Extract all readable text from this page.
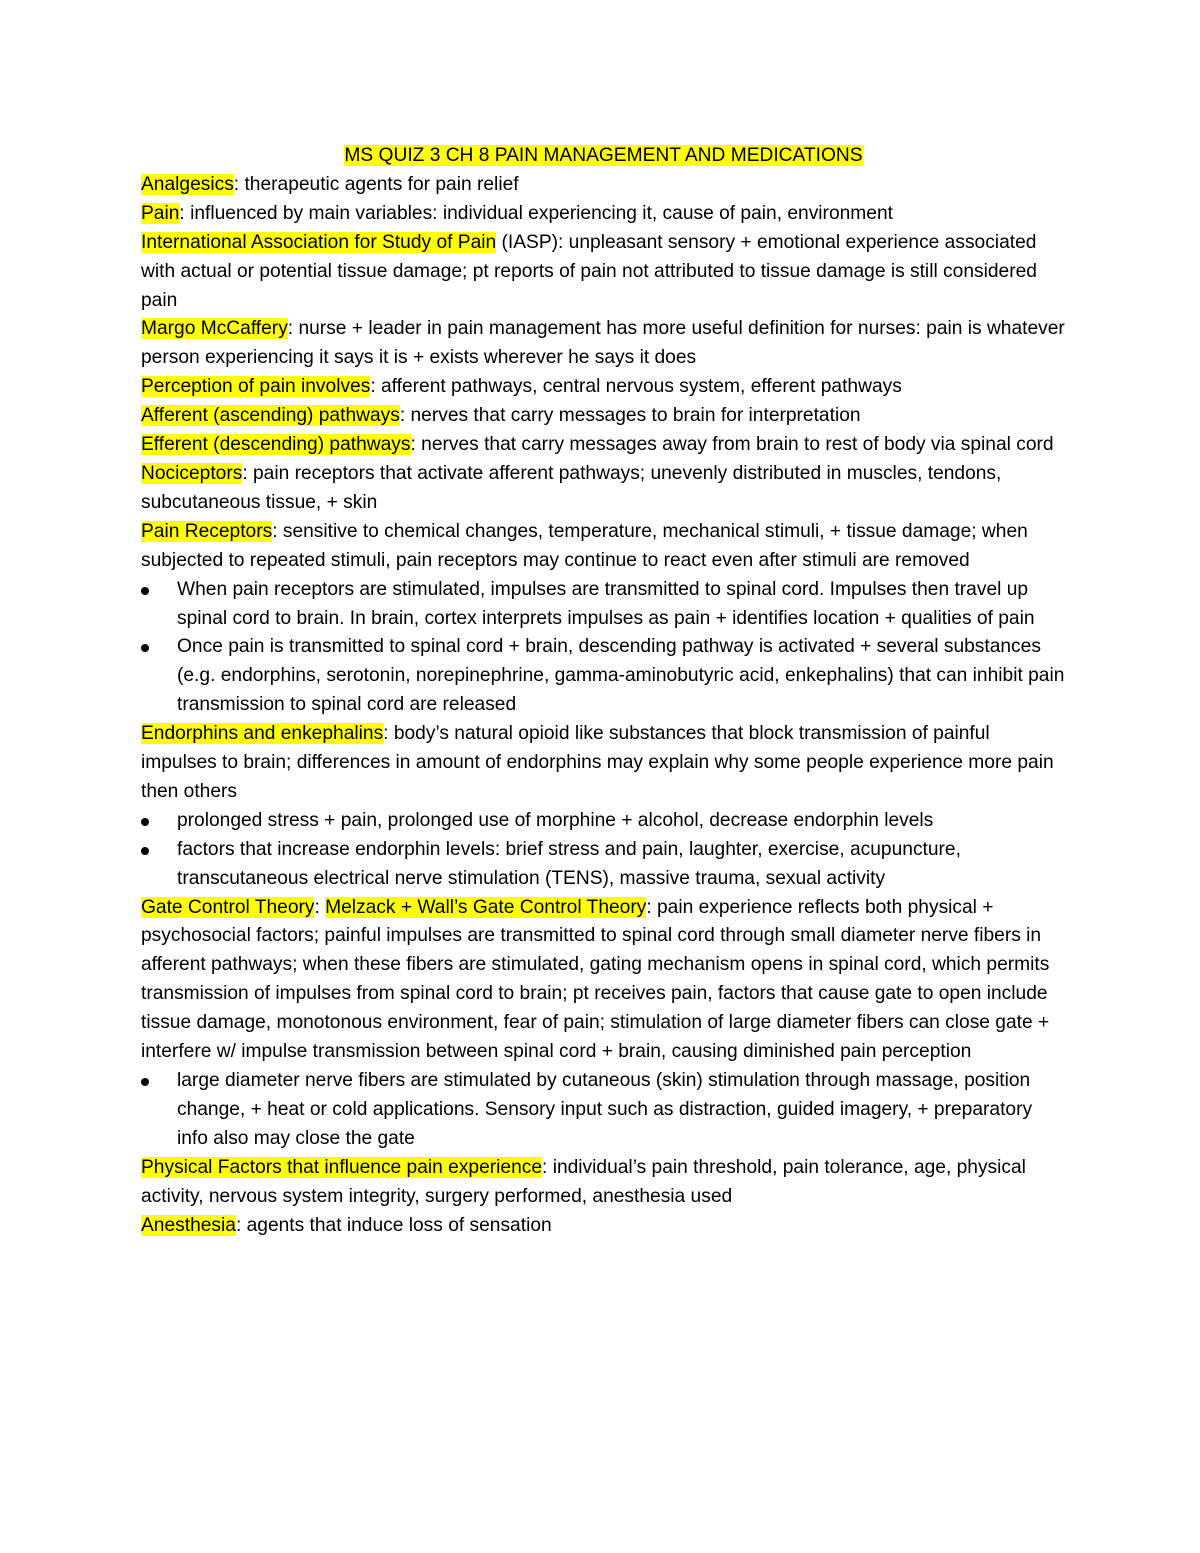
MS QUIZ 3 CH 8 PAIN MANAGEMENT AND MEDICATIONS

Analgesics: therapeutic agents for pain relief

Pain: influenced by main variables: individual experiencing it, cause of pain, environment

International Association for Study of Pain (IASP): unpleasant sensory + emotional experience associated with actual or potential tissue damage; pt reports of pain not attributed to tissue damage is still considered pain

Margo McCaffery: nurse + leader in pain management has more useful definition for nurses: pain is whatever person experiencing it says it is + exists wherever he says it does

Perception of pain involves: afferent pathways, central nervous system, efferent pathways

Afferent (ascending) pathways: nerves that carry messages to brain for interpretation

Efferent (descending) pathways: nerves that carry messages away from brain to rest of body via spinal cord

Nociceptors: pain receptors that activate afferent pathways; unevenly distributed in muscles, tendons, subcutaneous tissue, + skin

Pain Receptors: sensitive to chemical changes, temperature, mechanical stimuli, + tissue damage; when subjected to repeated stimuli, pain receptors may continue to react even after stimuli are removed

When pain receptors are stimulated, impulses are transmitted to spinal cord. Impulses then travel up spinal cord to brain. In brain, cortex interprets impulses as pain + identifies location + qualities of pain
Once pain is transmitted to spinal cord + brain, descending pathway is activated + several substances (e.g. endorphins, serotonin, norepinephrine, gamma-aminobutyric acid, enkephalins) that can inhibit pain transmission to spinal cord are released

Endorphins and enkephalins: body’s natural opioid like substances that block transmission of painful impulses to brain; differences in amount of endorphins may explain why some people experience more pain then others

prolonged stress + pain, prolonged use of morphine + alcohol, decrease endorphin levels
factors that increase endorphin levels: brief stress and pain, laughter, exercise, acupuncture, transcutaneous electrical nerve stimulation (TENS), massive trauma, sexual activity

Gate Control Theory: Melzack + Wall’s Gate Control Theory: pain experience reflects both physical + psychosocial factors; painful impulses are transmitted to spinal cord through small diameter nerve fibers in afferent pathways; when these fibers are stimulated, gating mechanism opens in spinal cord, which permits transmission of impulses from spinal cord to brain; pt receives pain, factors that cause gate to open include tissue damage, monotonous environment, fear of pain; stimulation of large diameter fibers can close gate + interfere w/ impulse transmission between spinal cord + brain, causing diminished pain perception

large diameter nerve fibers are stimulated by cutaneous (skin) stimulation through massage, position change, + heat or cold applications. Sensory input such as distraction, guided imagery, + preparatory info also may close the gate

Physical Factors that influence pain experience: individual’s pain threshold, pain tolerance, age, physical activity, nervous system integrity, surgery performed, anesthesia used

Anesthesia: agents that induce loss of sensation
